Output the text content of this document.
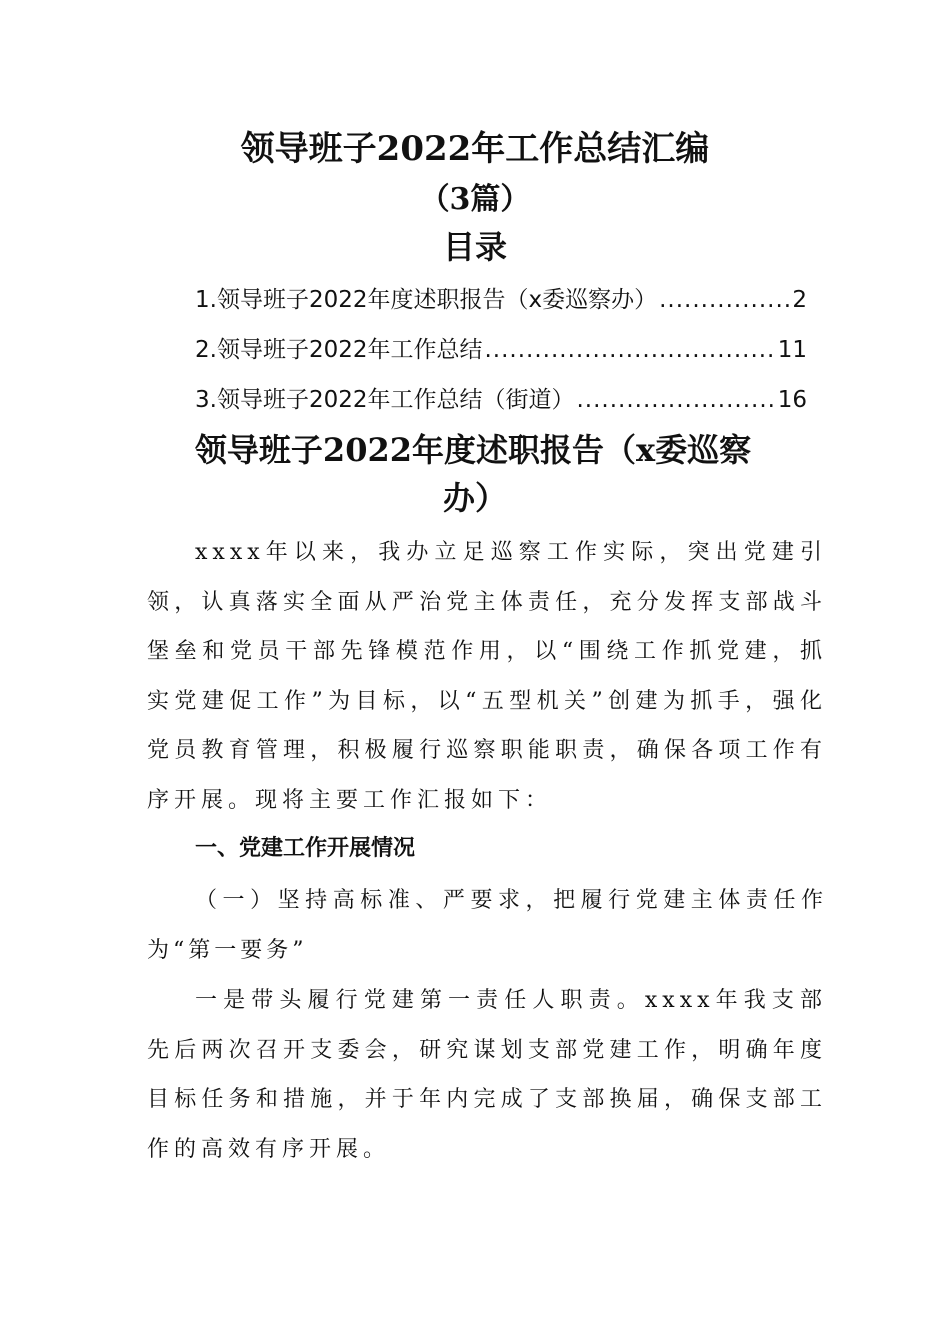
领导班子2022年工作总结汇编
（3篇）
目录
1.领导班子2022年度述职报告（x委巡察办） .....	2
2.领导班子2022年工作总结 .....	11
3.领导班子2022年工作总结（街道） .....	16
领导班子2022年度述职报告（x委巡察
办）

xxxx年以来，我办立足巡察工作实际，突出党建引领，认真落实全面从严治党主体责任，充分发挥支部战斗堡垒和党员干部先锋模范作用，以“围绕工作抓党建，抓实党建促工作”为目标，以“五型机关”创建为抓手，强化党员教育管理，积极履行巡察职能职责，确保各项工作有序开展。现将主要工作汇报如下：

一、党建工作开展情况

（一）坚持高标准、严要求，把履行党建主体责任作为“第一要务”

一是带头履行党建第一责任人职责。xxxx年我支部先后两次召开支委会，研究谋划支部党建工作，明确年度目标任务和措施，并于年内完成了支部换届，确保支部工作的高效有序开展。
